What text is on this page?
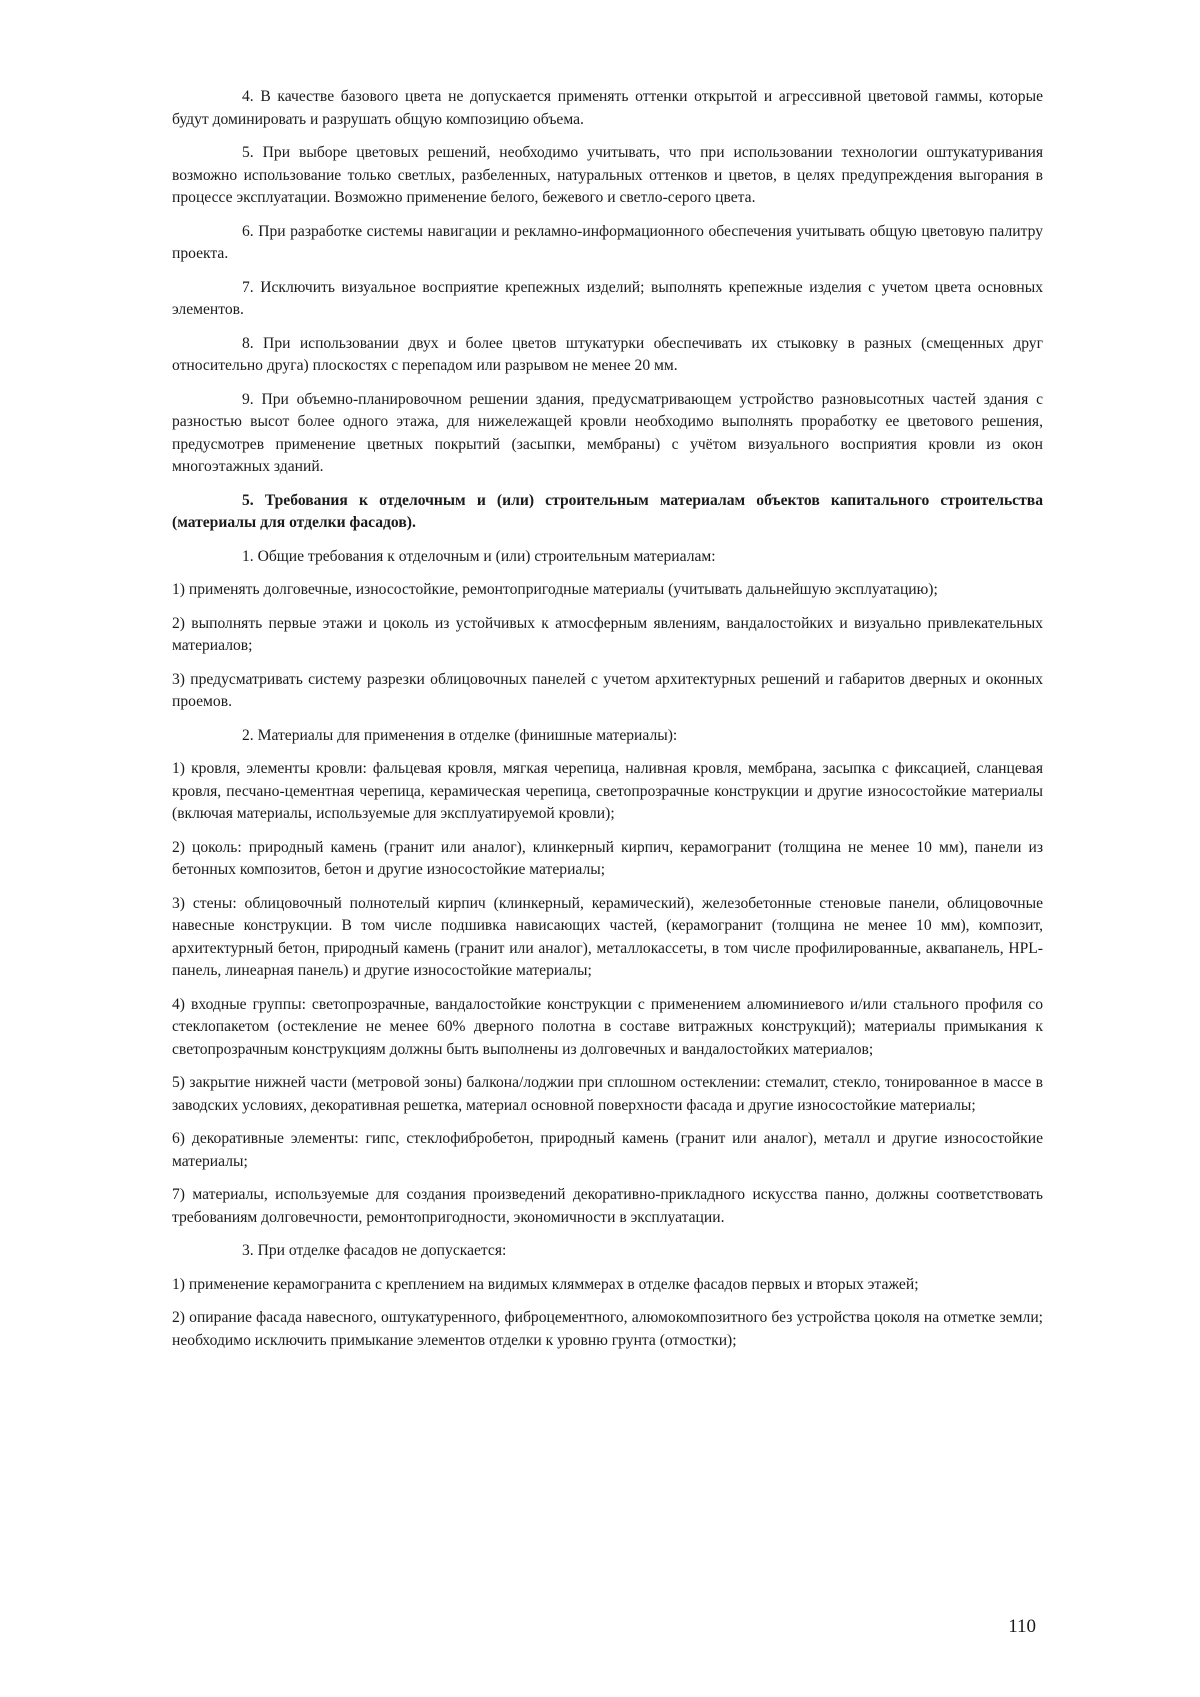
4. В качестве базового цвета не допускается применять оттенки открытой и агрессивной цветовой гаммы, которые будут доминировать и разрушать общую композицию объема.

5. При выборе цветовых решений, необходимо учитывать, что при использовании технологии оштукатуривания возможно использование только светлых, разбеленных, натуральных оттенков и цветов, в целях предупреждения выгорания в процессе эксплуатации. Возможно применение белого, бежевого и светло-серого цвета.

6. При разработке системы навигации и рекламно-информационного обеспечения учитывать общую цветовую палитру проекта.

7. Исключить визуальное восприятие крепежных изделий; выполнять крепежные изделия с учетом цвета основных элементов.

8. При использовании двух и более цветов штукатурки обеспечивать их стыковку в разных (смещенных друг относительно друга) плоскостях с перепадом или разрывом не менее 20 мм.

9. При объемно-планировочном решении здания, предусматривающем устройство разновысотных частей здания с разностью высот более одного этажа, для нижележащей кровли необходимо выполнять проработку ее цветового решения, предусмотрев применение цветных покрытий (засыпки, мембраны) с учётом визуального восприятия кровли из окон многоэтажных зданий.

5. Требования к отделочным и (или) строительным материалам объектов капитального строительства (материалы для отделки фасадов).

1. Общие требования к отделочным и (или) строительным материалам:

1) применять долговечные, износостойкие, ремонтопригодные материалы (учитывать дальнейшую эксплуатацию);

2) выполнять первые этажи и цоколь из устойчивых к атмосферным явлениям, вандалостойких и визуально привлекательных материалов;

3) предусматривать систему разрезки облицовочных панелей с учетом архитектурных решений и габаритов дверных и оконных проемов.

2. Материалы для применения в отделке (финишные материалы):

1) кровля, элементы кровли: фальцевая кровля, мягкая черепица, наливная кровля, мембрана, засыпка с фиксацией, сланцевая кровля, песчано-цементная черепица, керамическая черепица, светопрозрачные конструкции и другие износостойкие материалы (включая материалы, используемые для эксплуатируемой кровли);

2) цоколь: природный камень (гранит или аналог), клинкерный кирпич, керамогранит (толщина не менее 10 мм), панели из бетонных композитов, бетон и другие износостойкие материалы;

3) стены: облицовочный полнотелый кирпич (клинкерный, керамический), железобетонные стеновые панели, облицовочные навесные конструкции. В том числе подшивка нависающих частей, (керамогранит (толщина не менее 10 мм), композит, архитектурный бетон, природный камень (гранит или аналог), металлокассеты, в том числе профилированные, аквапанель, HPL-панель, линеарная панель) и другие износостойкие материалы;

4) входные группы: светопрозрачные, вандалостойкие конструкции с применением алюминиевого и/или стального профиля со стеклопакетом (остекление не менее 60% дверного полотна в составе витражных конструкций); материалы примыкания к светопрозрачным конструкциям должны быть выполнены из долговечных и вандалостойких материалов;

5) закрытие нижней части (метровой зоны) балкона/лоджии при сплошном остеклении: стемалит, стекло, тонированное в массе в заводских условиях, декоративная решетка, материал основной поверхности фасада и другие износостойкие материалы;

6) декоративные элементы: гипс, стеклофибробетон, природный камень (гранит или аналог), металл и другие износостойкие материалы;

7) материалы, используемые для создания произведений декоративно-прикладного искусства панно, должны соответствовать требованиям долговечности, ремонтопригодности, экономичности в эксплуатации.

3. При отделке фасадов не допускается:

1) применение керамогранита с креплением на видимых кляммерах в отделке фасадов первых и вторых этажей;

2) опирание фасада навесного, оштукатуренного, фиброцементного, алюмокомпозитного без устройства цоколя на отметке земли; необходимо исключить примыкание элементов отделки к уровню грунта (отмостки);

110
